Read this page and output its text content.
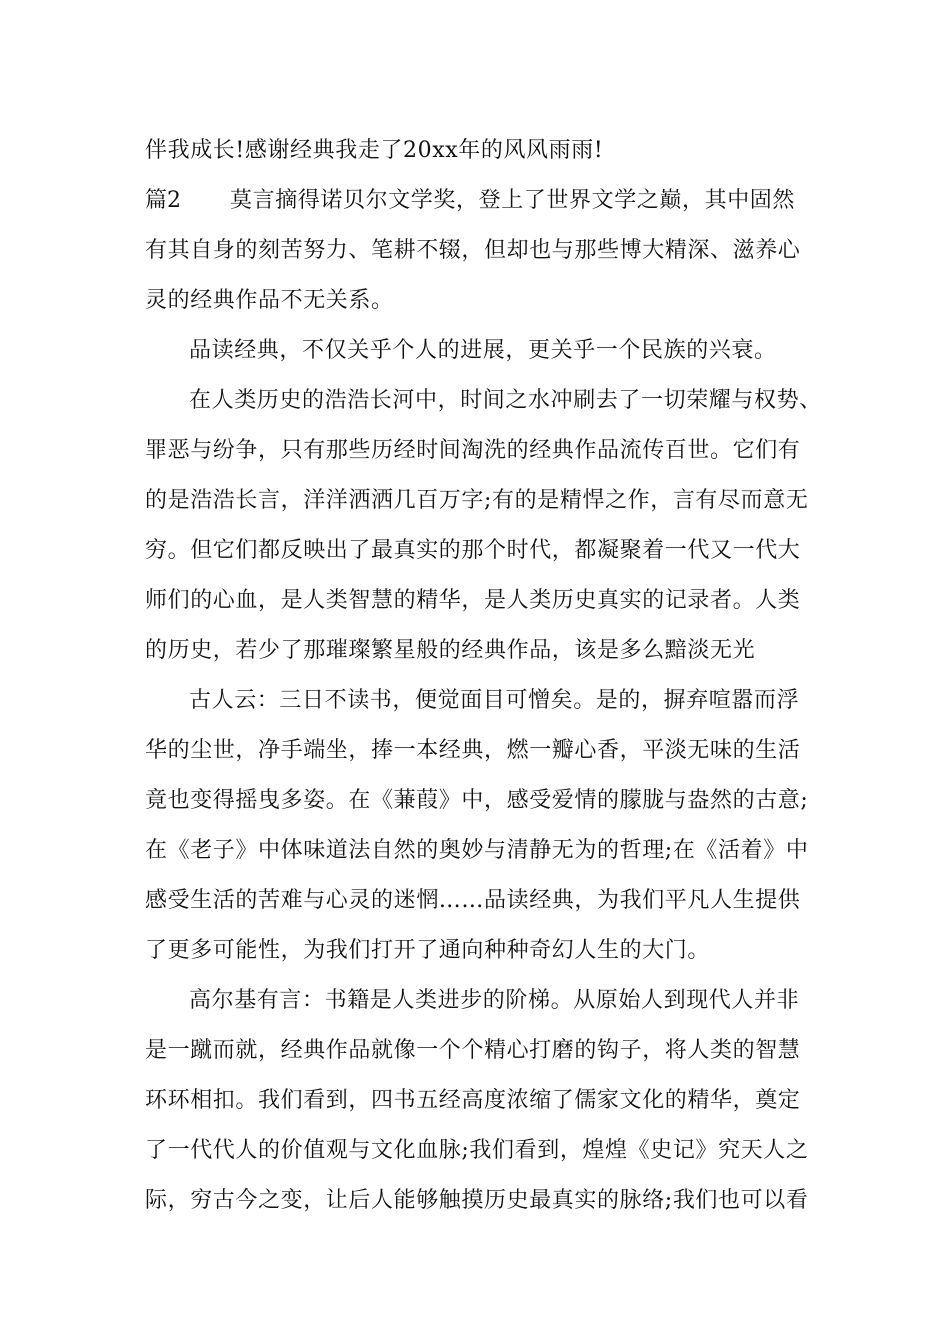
伴我成长!感谢经典我走了20xx年的风风雨雨!
篇2 莫言摘得诺贝尔文学奖，登上了世界文学之巅，其中固然
有其自身的刻苦努力、笔耕不辍，但却也与那些博大精深、滋养心
灵的经典作品不无关系。
品读经典，不仅关乎个人的进展，更关乎一个民族的兴衰。
在人类历史的浩浩长河中，时间之水冲刷去了一切荣耀与权势、
罪恶与纷争，只有那些历经时间淘洗的经典作品流传百世。它们有
的是浩浩长言，洋洋洒洒几百万字;有的是精悍之作，言有尽而意无
穷。但它们都反映出了最真实的那个时代，都凝聚着一代又一代大
师们的心血，是人类智慧的精华，是人类历史真实的记录者。人类
的历史，若少了那璀璨繁星般的经典作品，该是多么黯淡无光
古人云：三日不读书，便觉面目可憎矣。是的，摒弃喧嚣而浮
华的尘世，净手端坐，捧一本经典，燃一瓣心香，平淡无味的生活
竟也变得摇曳多姿。在《蒹葭》中，感受爱情的朦胧与盎然的古意;
在《老子》中体味道法自然的奥妙与清静无为的哲理;在《活着》中
感受生活的苦难与心灵的迷惘……品读经典，为我们平凡人生提供
了更多可能性，为我们打开了通向种种奇幻人生的大门。
高尔基有言：书籍是人类进步的阶梯。从原始人到现代人并非
是一蹴而就，经典作品就像一个个精心打磨的钩子，将人类的智慧
环环相扣。我们看到，四书五经高度浓缩了儒家文化的精华，奠定
了一代代人的价值观与文化血脉;我们看到，煌煌《史记》究天人之
际，穷古今之变，让后人能够触摸历史最真实的脉络;我们也可以看
